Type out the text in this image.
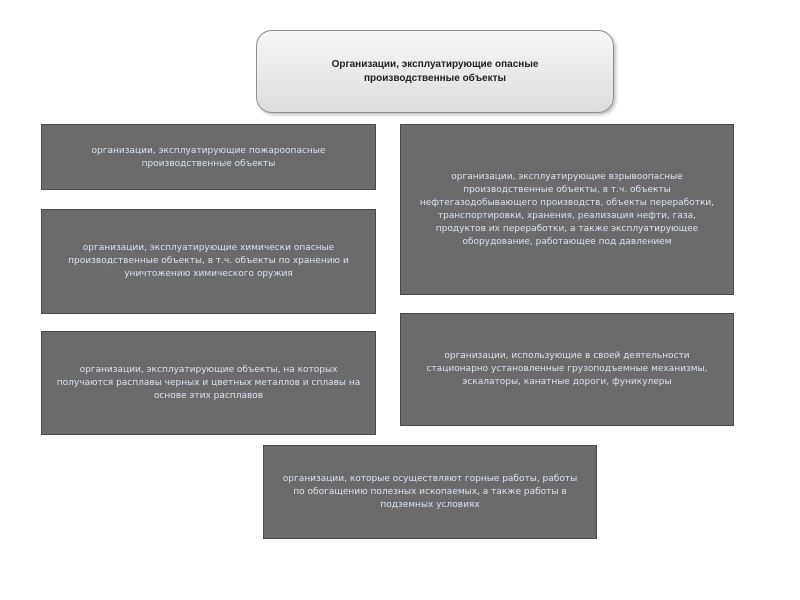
Организации, эксплуатирующие опасные производственные объекты
организации, эксплуатирующие пожароопасные производственные объекты
организации, эксплуатирующие взрывоопасные производственные объекты, в т.ч. объекты нефтегазодобывающего производств, объекты переработки, транспортировки, хранения, реализация нефти, газа, продуктов их переработки, а также эксплуатирующее оборудование, работающее под давлением
организации, эксплуатирующие химически опасные производственные объекты, в т.ч. объекты по хранению и уничтожению химического оружия
организации, использующие в своей деятельности стационарно установленные грузоподъемные механизмы, эскалаторы, канатные дороги, фуникулеры
организации, эксплуатирующие объекты, на которых получаются расплавы черных и цветных металлов и сплавы на основе этих расплавов
организации, которые осуществляют горные работы, работы по обогащению полезных ископаемых, а также работы в подземных условиях
